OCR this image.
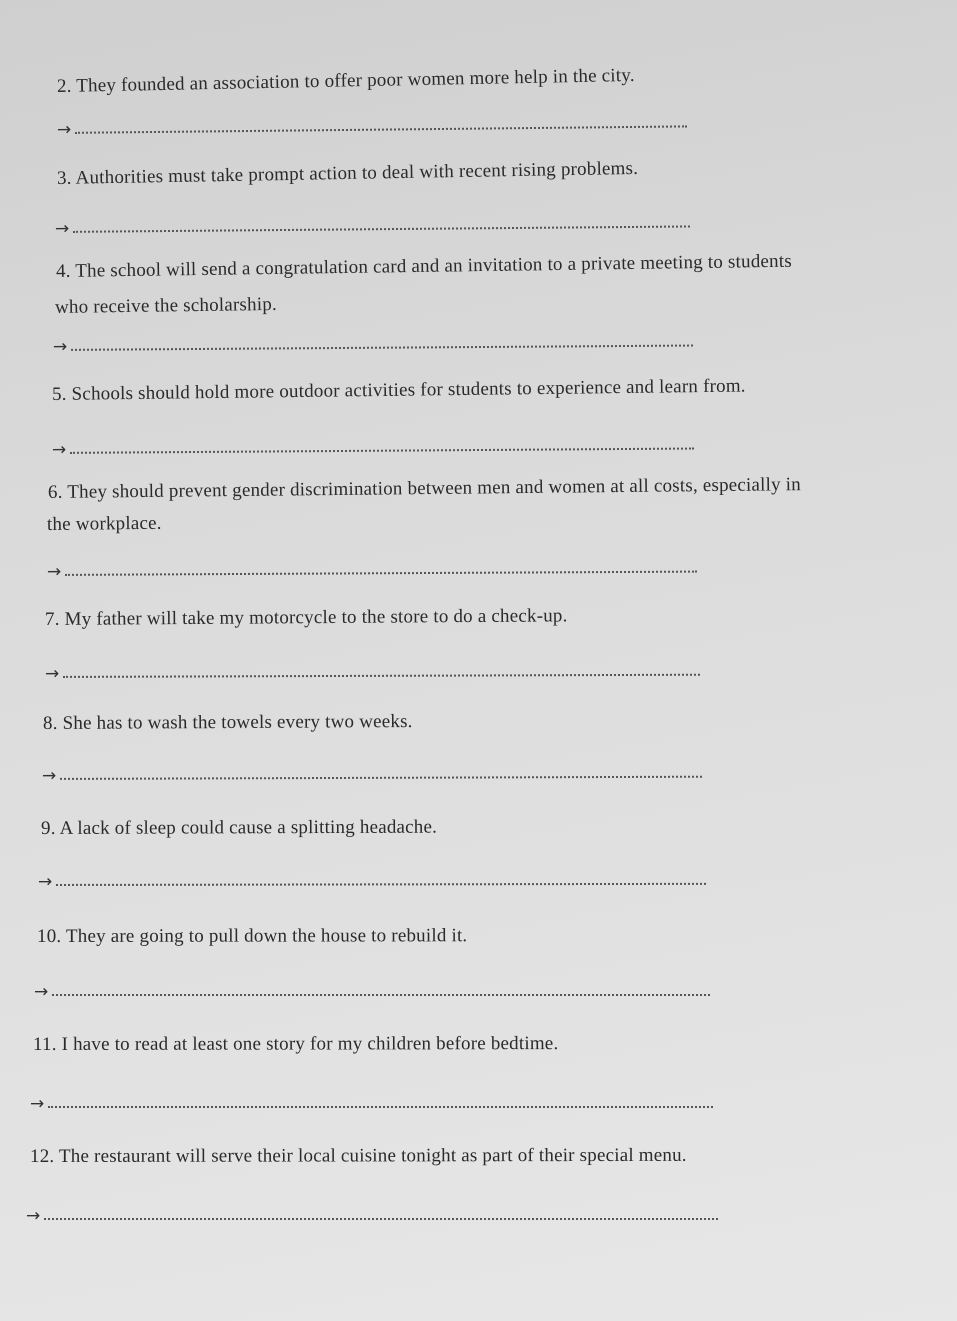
2. They founded an association to offer poor women more help in the city.
→
3. Authorities must take prompt action to deal with recent rising problems.
→
4. The school will send a congratulation card and an invitation to a private meeting to students
who receive the scholarship.
→
5. Schools should hold more outdoor activities for students to experience and learn from.
→
6. They should prevent gender discrimination between men and women at all costs, especially in
the workplace.
→
7. My father will take my motorcycle to the store to do a check-up.
→
8. She has to wash the towels every two weeks.
→
9. A lack of sleep could cause a splitting headache.
→
10. They are going to pull down the house to rebuild it.
→
11. I have to read at least one story for my children before bedtime.
→
12. The restaurant will serve their local cuisine tonight as part of their special menu.
→
